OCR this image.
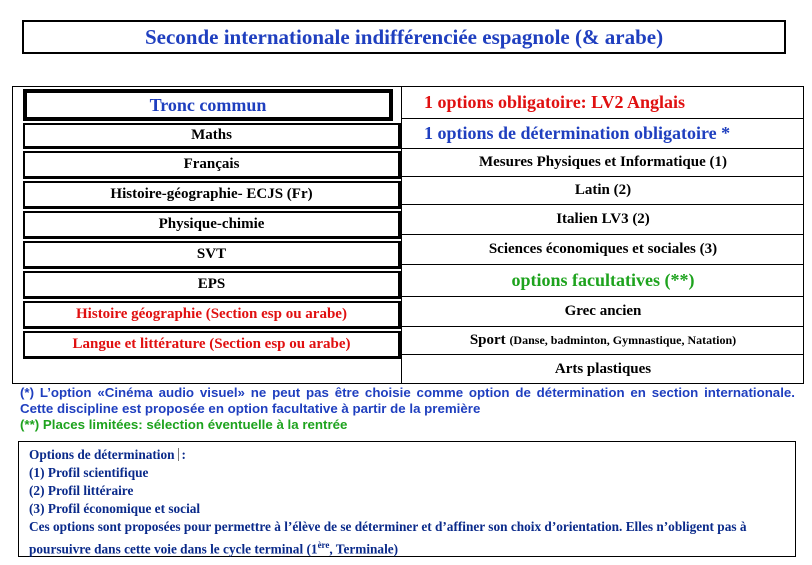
Seconde internationale indifférenciée espagnole (& arabe)
Tronc commun
Maths
Français
Histoire-géographie- ECJS (Fr)
Physique-chimie
SVT
EPS
Histoire géographie (Section esp ou arabe)
Langue et littérature (Section esp ou arabe)
1 options obligatoire: LV2 Anglais
1 options de détermination obligatoire *
Mesures Physiques et Informatique (1)
Latin (2)
Italien LV3 (2)
Sciences économiques et sociales (3)
options facultatives (**)
Grec ancien
Sport
(Danse, badminton, Gymnastique, Natation)
Arts plastiques
(*) L’option «Cinéma audio visuel» ne peut pas être choisie comme option de détermination en section internationale. Cette discipline est proposée en option facultative à partir de la première
(**) Places limitées: sélection éventuelle à la rentrée
Options de détermination :
(1) Profil scientifique
(2) Profil littéraire
(3) Profil économique et social
Ces options sont proposées pour permettre à l’élève de se déterminer et d’affiner son choix d’orientation. Elles n’obligent pas à poursuivre dans cette voie dans le cycle terminal (1ère, Terminale)
